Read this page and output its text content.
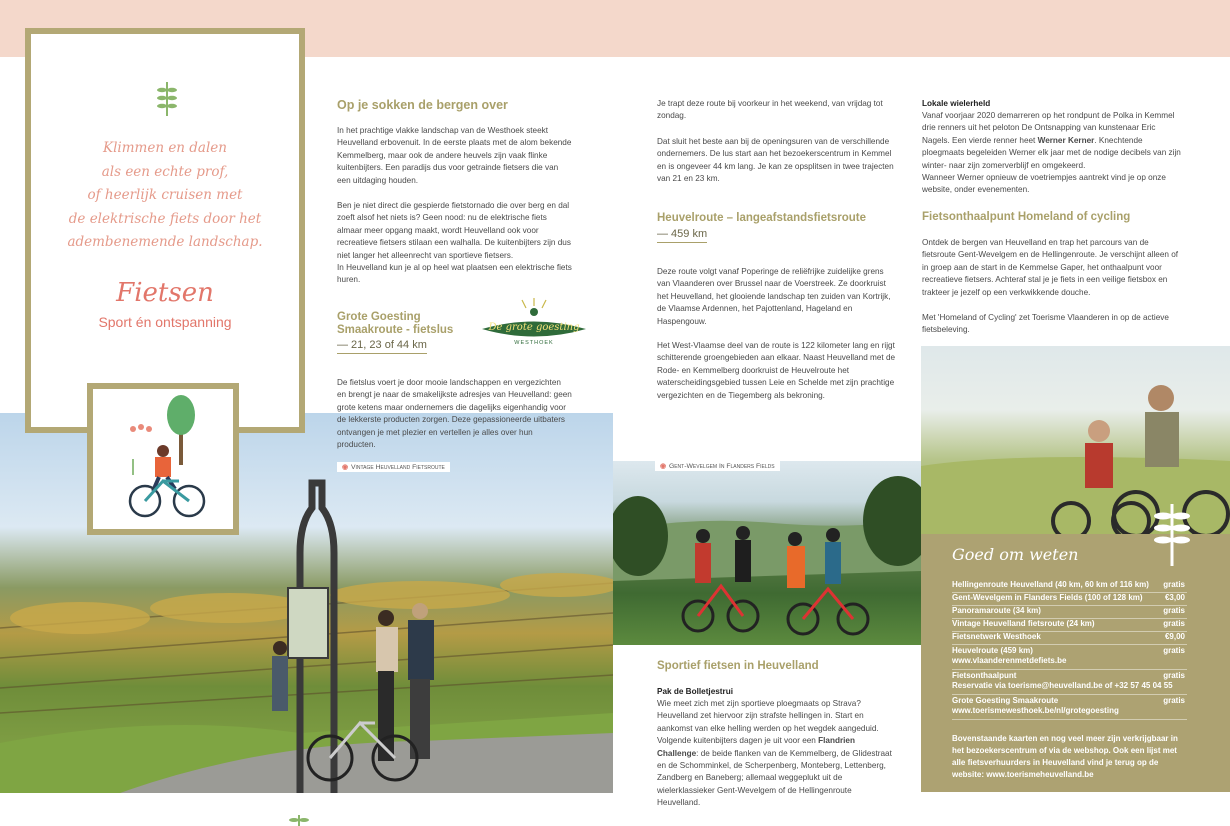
Klimmen en dalen
als een echte prof,
of heerlijk cruisen met
de elektrische fiets door het
adembenemende landschap.
Fietsen
Sport én ontspanning
Op je sokken de bergen over
In het prachtige vlakke landschap van de Westhoek steekt Heuvelland erbovenuit. In de eerste plaats met de alom bekende Kemmelberg, maar ook de andere heuvels zijn vaak flinke kuitenbijters. Een paradijs dus voor getrainde fietsers die van een uitdaging houden.
Ben je niet direct die gespierde fietstornado die over berg en dal zoeft alsof het niets is? Geen nood: nu de elektrische fiets almaar meer opgang maakt, wordt Heuvelland ook voor recreatieve fietsers stilaan een walhalla. De kuitenbijters zijn dus niet langer het alleenrecht van sportieve fietsers.
In Heuvelland kun je al op heel wat plaatsen een elektrische fiets huren.
Grote Goesting
Smaakroute - fietslus
— 21, 23 of 44 km
De grote goesting
WESTHOEK
De fietslus voert je door mooie landschappen en vergezichten en brengt je naar de smakelijkste adresjes van Heuvelland: geen grote ketens maar ondernemers die dagelijks eigenhandig voor de lekkerste producten zorgen. Deze gepassioneerde uitbaters ontvangen je met plezier en vertellen je alles over hun producten.
◉ Vintage Heuvelland Fietsroute
Je trapt deze route bij voorkeur in het weekend, van vrijdag tot zondag.
Dat sluit het beste aan bij de openingsuren van de verschillende ondernemers. De lus start aan het bezoekerscentrum in Kemmel en is ongeveer 44 km lang. Je kan ze opsplitsen in twee trajecten van 21 en 23 km.
Heuvelroute – langeafstandsfietsroute
— 459 km
Deze route volgt vanaf Poperinge de reliëfrijke zuidelijke grens van Vlaanderen over Brussel naar de Voerstreek. Ze doorkruist het Heuvelland, het glooiende landschap ten zuiden van Kortrijk, de Vlaamse Ardennen, het Pajottenland, Hageland en Haspengouw.
Het West-Vlaamse deel van de route is 122 kilometer lang en rijgt schitterende groengebieden aan elkaar. Naast Heuvelland met de Rode- en Kemmelberg doorkruist de Heuvelroute het waterscheidingsgebied tussen Leie en Schelde met zijn prachtige vergezichten en de Tiegemberg als bekroning.
◉ Gent-Wevelgem In Flanders Fields
Sportief fietsen in Heuvelland
Pak de Bolletjestrui
Wie meet zich met zijn sportieve ploegmaats op Strava? Heuvelland zet hiervoor zijn strafste hellingen in. Start en aankomst van elke helling werden op het wegdek aangeduid. Volgende kuitenbijters dagen je uit voor een Flandrien Challenge: de beide flanken van de Kemmelberg, de Glidestraat en de Schomminkel, de Scherpenberg, Monteberg, Lettenberg, Zandberg en Baneberg; allemaal weggeplukt uit de wielerklassieker Gent-Wevelgem of de Hellingenroute Heuvelland.
Lokale wielerheld
Vanaf voorjaar 2020 demarreren op het rondpunt de Polka in Kemmel drie renners uit het peloton De Ontsnapping van kunstenaar Eric Nagels. Een vierde renner heet Werner Kerner. Knechtende ploegmaats begeleiden Werner elk jaar met de nodige decibels van zijn winter- naar zijn zomerverblijf en omgekeerd.
Wanneer Werner opnieuw de voetriempjes aantrekt vind je op onze website, onder evenementen.
Fietsonthaalpunt Homeland of cycling
Ontdek de bergen van Heuvelland en trap het parcours van de fietsroute Gent-Wevelgem en de Hellingenroute. Je verschijnt alleen of in groep aan de start in de Kemmelse Gaper, het onthaalpunt voor recreatieve fietsers. Achteraf stal je je fiets in een veilige fietsbox en trakteer je jezelf op een verkwikkende douche.
Met 'Homeland of Cycling' zet Toerisme Vlaanderen in op de actieve fietsbeleving.
Goed om weten
Hellingenroute Heuvelland (40 km, 60 km of 116 km) gratis
Gent-Wevelgem in Flanders Fields (100 of 128 km)	€3,00
Panoramaroute (34 km)	gratis
Vintage Heuvelland fietsroute (24 km)	gratis
Fietsnetwerk Westhoek	€9,00
Heuvelroute (459 km)	gratis
www.vlaanderenmetdefiets.be
Fietsonthaalpunt	gratis
Reservatie via toerisme@heuvelland.be of +32 57 45 04 55
Grote Goesting Smaakroute	gratis
www.toerismewesthoek.be/nl/grotegoesting
Bovenstaande kaarten en nog veel meer zijn verkrijgbaar in het bezoekerscentrum of via de webshop. Ook een lijst met alle fietsverhuurders in Heuvelland vind je terug op de website: www.toerismeheuvelland.be
